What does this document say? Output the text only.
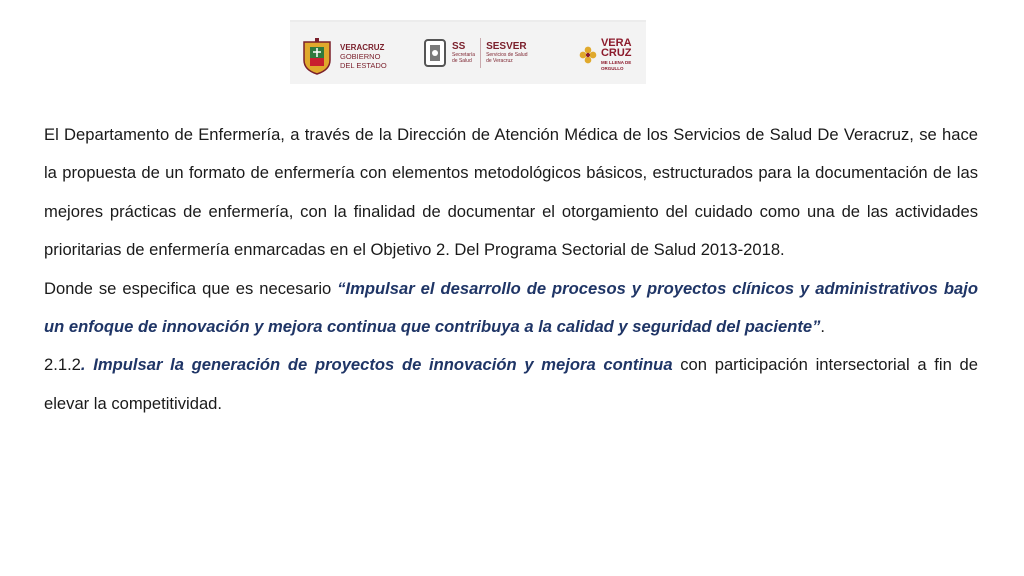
VERACRUZ
GOBIERNO
DEL ESTADO
SS
Secretaría
de Salud
SESVER
Servicios de Salud
de Veracruz
VERA
CRUZ
ME LLENA DE ORGULLO

El Departamento de Enfermería, a través de la Dirección de Atención Médica de los Servicios de Salud De Veracruz, se hace la propuesta de un formato de enfermería con elementos metodológicos básicos, estructurados para la documentación de las mejores prácticas de enfermería, con la finalidad de documentar el otorgamiento del cuidado como una de las actividades prioritarias de enfermería enmarcadas en el Objetivo 2. Del Programa Sectorial de Salud 2013-2018.

Donde se especifica que es necesario “Impulsar el desarrollo de procesos y proyectos clínicos y administrativos bajo un enfoque de innovación y mejora continua que contribuya a la calidad y seguridad del paciente”.

2.1.2. Impulsar la generación de proyectos de innovación y mejora continua con participación intersectorial a fin de elevar la competitividad.
